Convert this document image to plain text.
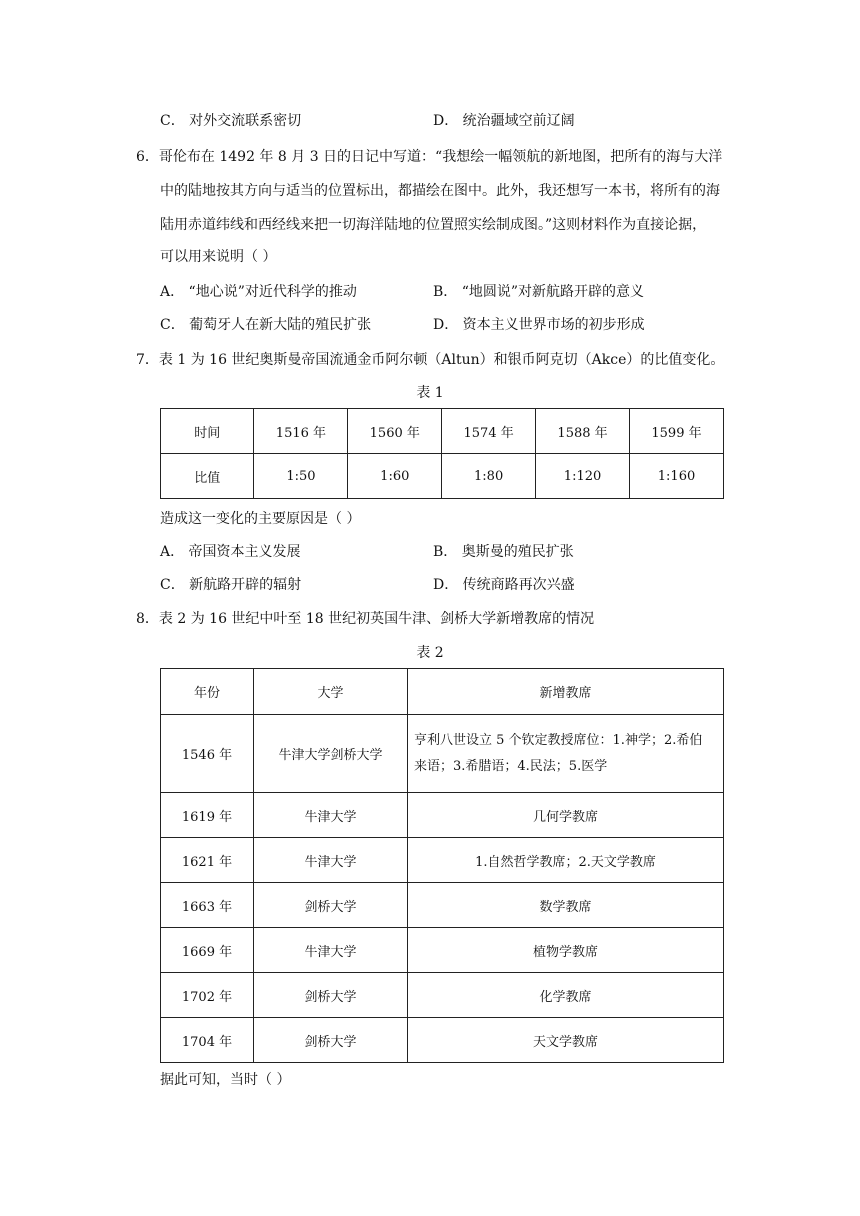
C． 对外交流联系密切	D． 统治疆域空前辽阔
6．哥伦布在 1492 年 8 月 3 日的日记中写道：“我想绘一幅领航的新地图，把所有的海与大洋
中的陆地按其方向与适当的位置标出，都描绘在图中。此外，我还想写一本书，将所有的海
陆用赤道纬线和西经线来把一切海洋陆地的位置照实绘制成图。”这则材料作为直接论据，
可以用来说明（ ）
A． “地心说”对近代科学的推动	B． “地圆说”对新航路开辟的意义
C． 葡萄牙人在新大陆的殖民扩张	D． 资本主义世界市场的初步形成
7．表 1 为 16 世纪奥斯曼帝国流通金币阿尔顿（Altun）和银币阿克切（Akce）的比值变化。
表 1
时间	1516 年	1560 年	1574 年	1588 年	1599 年
比值	1:50	1:60	1:80	1:120	1:160
造成这一变化的主要原因是（ ）
A． 帝国资本主义发展	B． 奥斯曼的殖民扩张
C． 新航路开辟的辐射	D． 传统商路再次兴盛
8．表 2 为 16 世纪中叶至 18 世纪初英国牛津、剑桥大学新增教席的情况
表 2
年份	大学	新增教席
1546 年	牛津大学剑桥大学	亨利八世设立 5 个钦定教授席位：1.神学；2.希伯
来语；3.希腊语；4.民法；5.医学

1619 年	牛津大学	几何学教席
1621 年	牛津大学	1.自然哲学教席；2.天文学教席
1663 年	剑桥大学	数学教席
1669 年	牛津大学	植物学教席
1702 年	剑桥大学	化学教席
1704 年	剑桥大学	天文学教席
据此可知，当时（ ）
